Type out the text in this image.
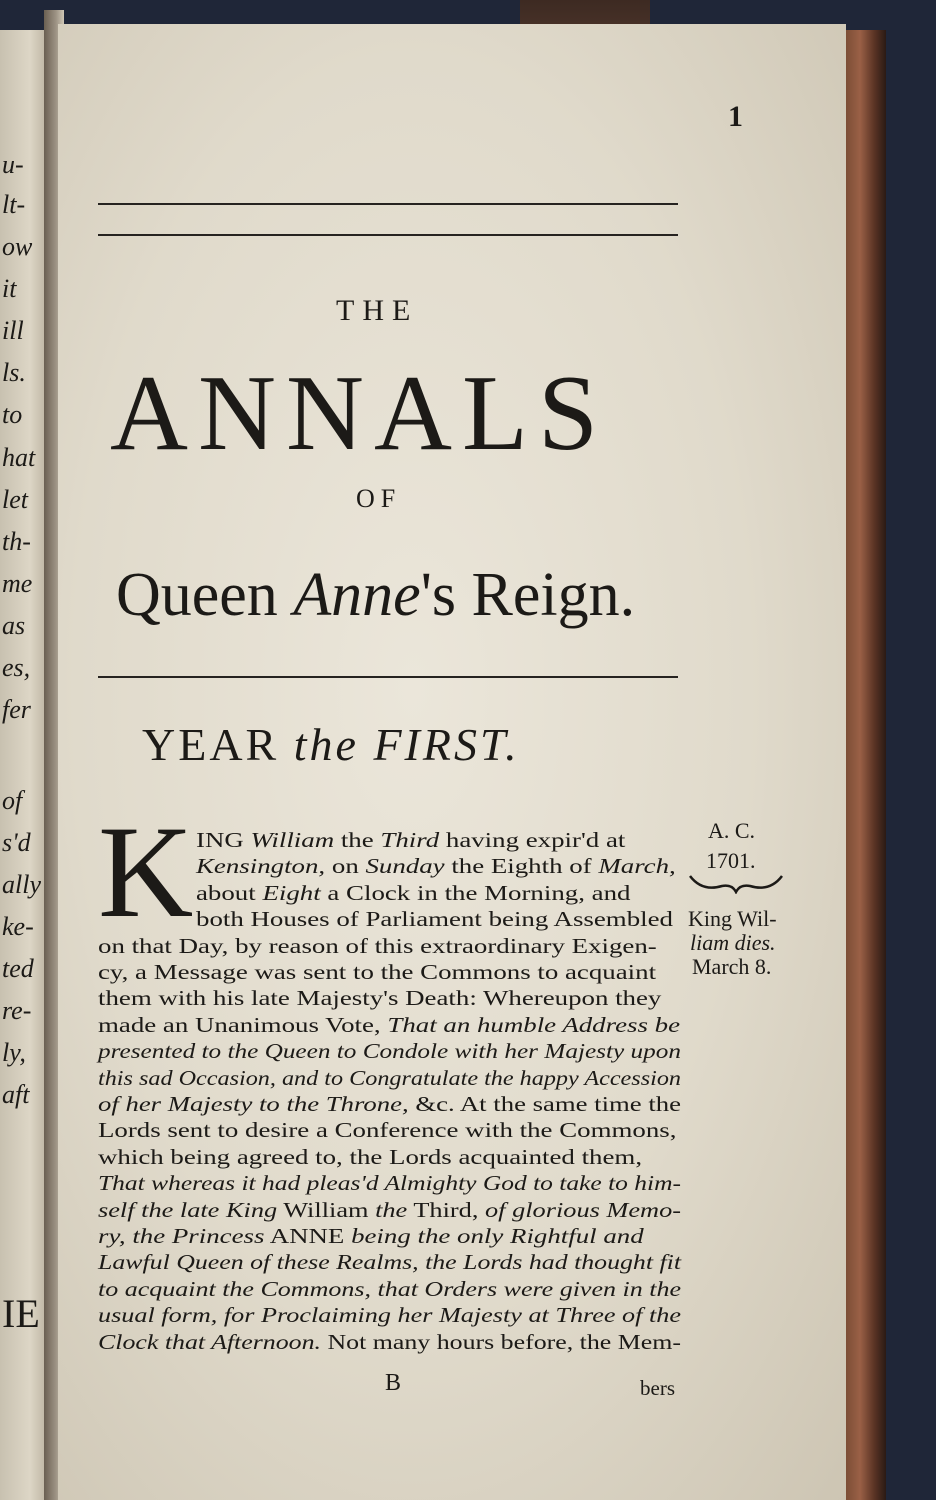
u-
lt-
ow
it
ill
ls.
to
hat
let
th-
me
as
es,
fer
of
s'd
ally
ke-
ted
re-
ly,
aft
IE
1
THE
ANNALS
OF
Queen Anne's Reign.
YEAR the FIRST.
K ING William the Third having expir'd at
Kensington, on Sunday the Eighth of March,
about Eight a Clock in the Morning, and
both Houses of Parliament being Assembled
on that Day, by reason of this extraordinary Exigen-
cy, a Message was sent to the Commons to acquaint
them with his late Majesty's Death: Whereupon they
made an Unanimous Vote, That an humble Address be
presented to the Queen to Condole with her Majesty upon
this sad Occasion, and to Congratulate the happy Accession
of her Majesty to the Throne, &c. At the same time the
Lords sent to desire a Conference with the Commons,
which being agreed to, the Lords acquainted them,
That whereas it had pleas'd Almighty God to take to him-
self the late King William the Third, of glorious Memo-
ry, the Princess ANNE being the only Rightful and
Lawful Queen of these Realms, the Lords had thought fit
to acquaint the Commons, that Orders were given in the
usual form, for Proclaiming her Majesty at Three of the
Clock that Afternoon. Not many hours before, the Mem-
A. C.
1701.
King Wil-
liam dies.
March 8.
B	bers
